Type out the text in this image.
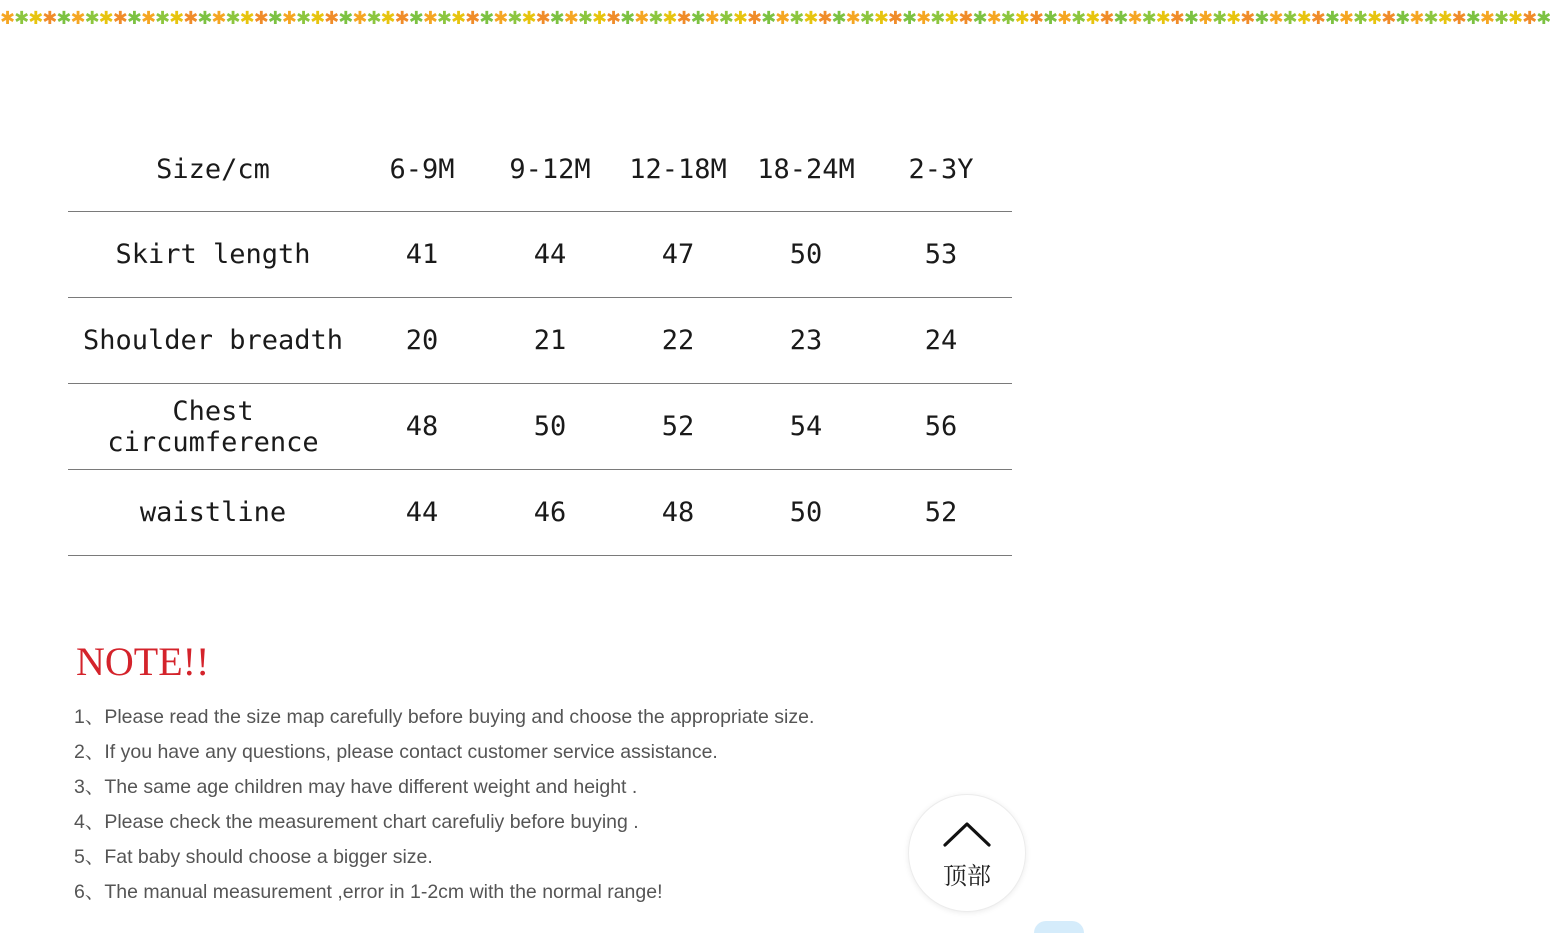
✱✱✱✱✱✱✱✱✱✱✱✱✱✱✱✱✱✱✱✱✱✱✱✱✱✱✱✱✱✱✱✱✱✱✱✱✱✱✱✱✱✱✱✱✱✱✱✱✱✱✱✱✱✱✱✱✱✱✱✱✱✱✱✱✱✱✱✱✱✱✱✱✱✱✱✱✱✱✱✱✱✱✱✱✱✱✱✱✱✱✱✱✱✱✱✱✱✱✱✱✱✱✱✱✱✱✱✱✱✱
Size/cm	6-9M	9-12M	12-18M	18-24M	2-3Y
Skirt length	41	44	47	50	53
Shoulder breadth	20	21	22	23	24
Chest circumference	48	50	52	54	56
waistline	44	46	48	50	52
NOTE!!
1、Please read the size map carefully before buying and choose the appropriate size.
2、If you have any questions, please contact customer service assistance.
3、The same age children may have different weight and height .
4、Please check the measurement chart carefuliy before buying .
5、Fat baby should choose a bigger size.
6、The manual measurement ,error in 1-2cm with the normal range!
顶部
